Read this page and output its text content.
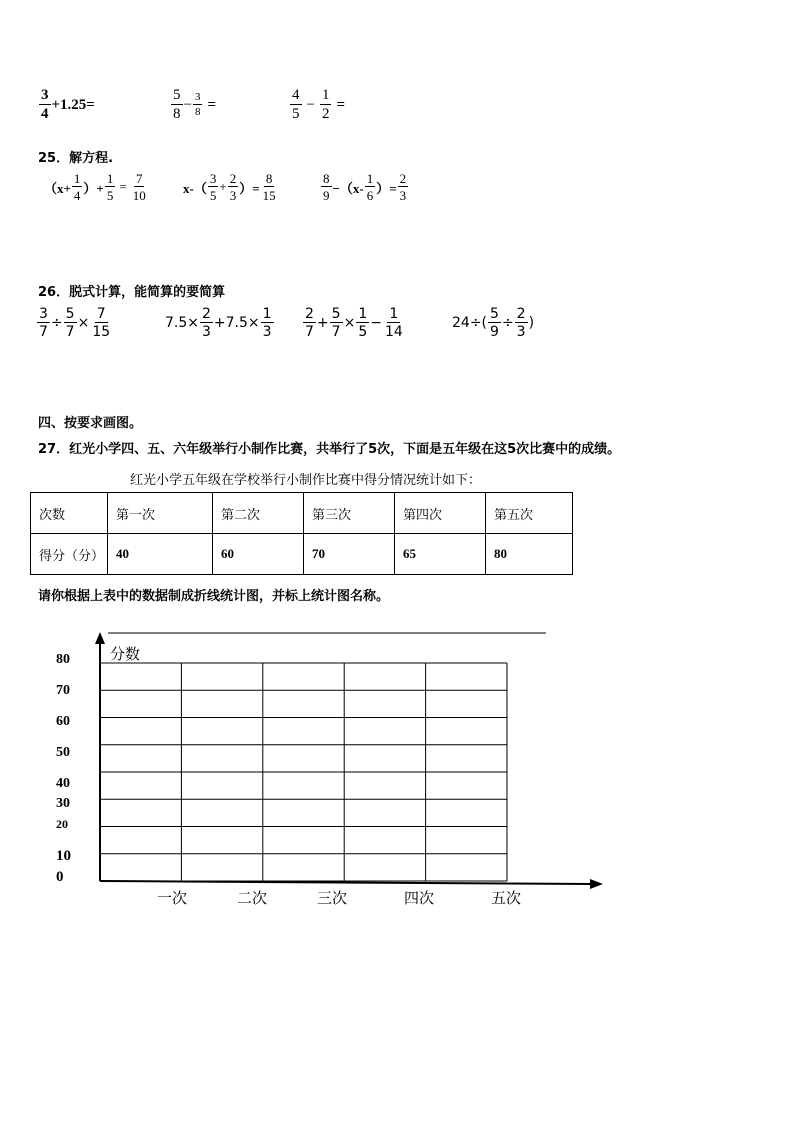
$\frac{3}{4} +1.25=$	$\frac{5}{8} - \frac{3}{8}$ =	$\frac{4}{5} - \frac{1}{2}$ =
25．解方程.
（$x+ \frac{1}{4}$ ）+ $\frac{1}{5} = \frac{7}{10}$	$x-( \frac{3}{5} + \frac{2}{3}$ ）= $\frac{8}{15}$	$\frac{8}{9} -(x- \frac{1}{6}$ ）= $\frac{2}{3}$
26．脱式计算，能简算的要简算
$\frac{3}{7} \div \frac{5}{7} \times \frac{7}{15}$	$7.5\times \frac{2}{3} +7.5\times \frac{1}{3} \frac{2}{7} + \frac{5}{7} \times \frac{1}{5} - \frac{1}{14}$	$24\div( \frac{5}{9} \div \frac{2}{3}$ )
四、按要求画图。
27．红光小学四、五、六年级举行小制作比赛，共举行了5次，下面是五年级在这5次比赛中的成绩。
红光小学五年级在学校举行小制作比赛中得分情况统计如下：
次数	第一次	第二次	第三次	第四次	第五次
得分（分）	40	60	70	65	80
请你根据上表中的数据制成折线统计图，并标上统计图名称。
分数
80
70
60
50
40
30
20
10
0
一次	二次	三次	四次	五次
